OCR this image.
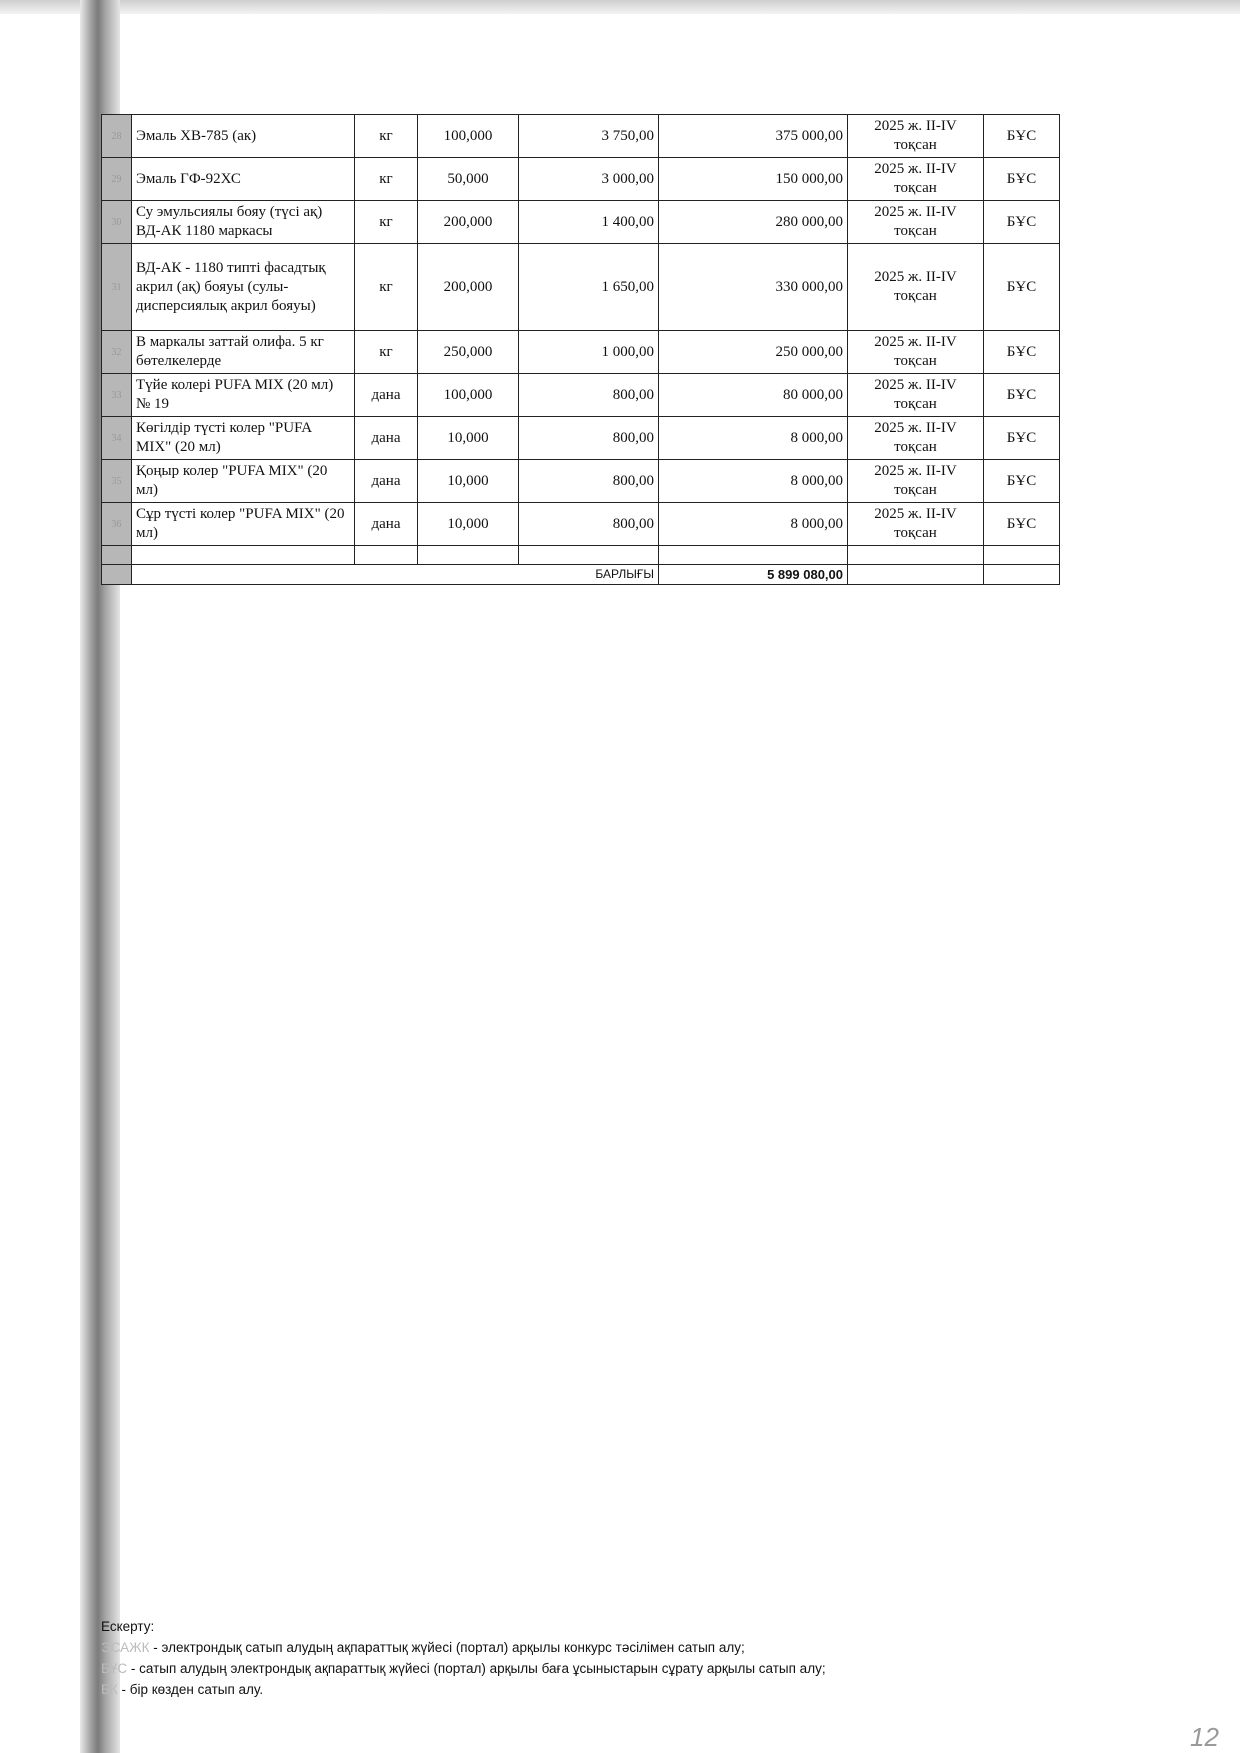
28	Эмаль ХВ-785 (ак)	кг	100,000	3 750,00	375 000,00	2025 ж. II-IV тоқсан	БҰС
29	Эмаль ГФ-92ХС	кг	50,000	3 000,00	150 000,00	2025 ж. II-IV тоқсан	БҰС
30	Су эмульсиялы бояу (түсі ақ) ВД-АК 1180 маркасы	кг	200,000	1 400,00	280 000,00	2025 ж. II-IV тоқсан	БҰС
31	ВД-АК - 1180 типті фасадтық акрил (ақ) бояуы (сулы-дисперсиялық акрил бояуы)	кг	200,000	1 650,00	330 000,00	2025 ж. II-IV тоқсан	БҰС
32	В маркалы заттай олифа. 5 кг бөтелкелерде	кг	250,000	1 000,00	250 000,00	2025 ж. II-IV тоқсан	БҰС
33	Түйе колері PUFA MIX (20 мл) № 19	дана	100,000	800,00	80 000,00	2025 ж. II-IV тоқсан	БҰС
34	Көгілдір түсті колер "PUFA MIX" (20 мл)	дана	10,000	800,00	8 000,00	2025 ж. II-IV тоқсан	БҰС
35	Қоңыр колер "PUFA MIX" (20 мл)	дана	10,000	800,00	8 000,00	2025 ж. II-IV тоқсан	БҰС
36	Сұр түсті колер "PUFA MIX" (20 мл)	дана	10,000	800,00	8 000,00	2025 ж. II-IV тоқсан	БҰС

	БАРЛЫҒЫ				5 899 080,00		
Ескерту:
ЭСАЖК - электрондық сатып алудың ақпараттық жүйесі (портал) арқылы конкурс тәсілімен сатып алу;
БҰС - сатып алудың электрондық ақпараттық жүйесі (портал) арқылы баға ұсыныстарын сұрату арқылы сатып алу;
БК - бір көзден сатып алу.
12
